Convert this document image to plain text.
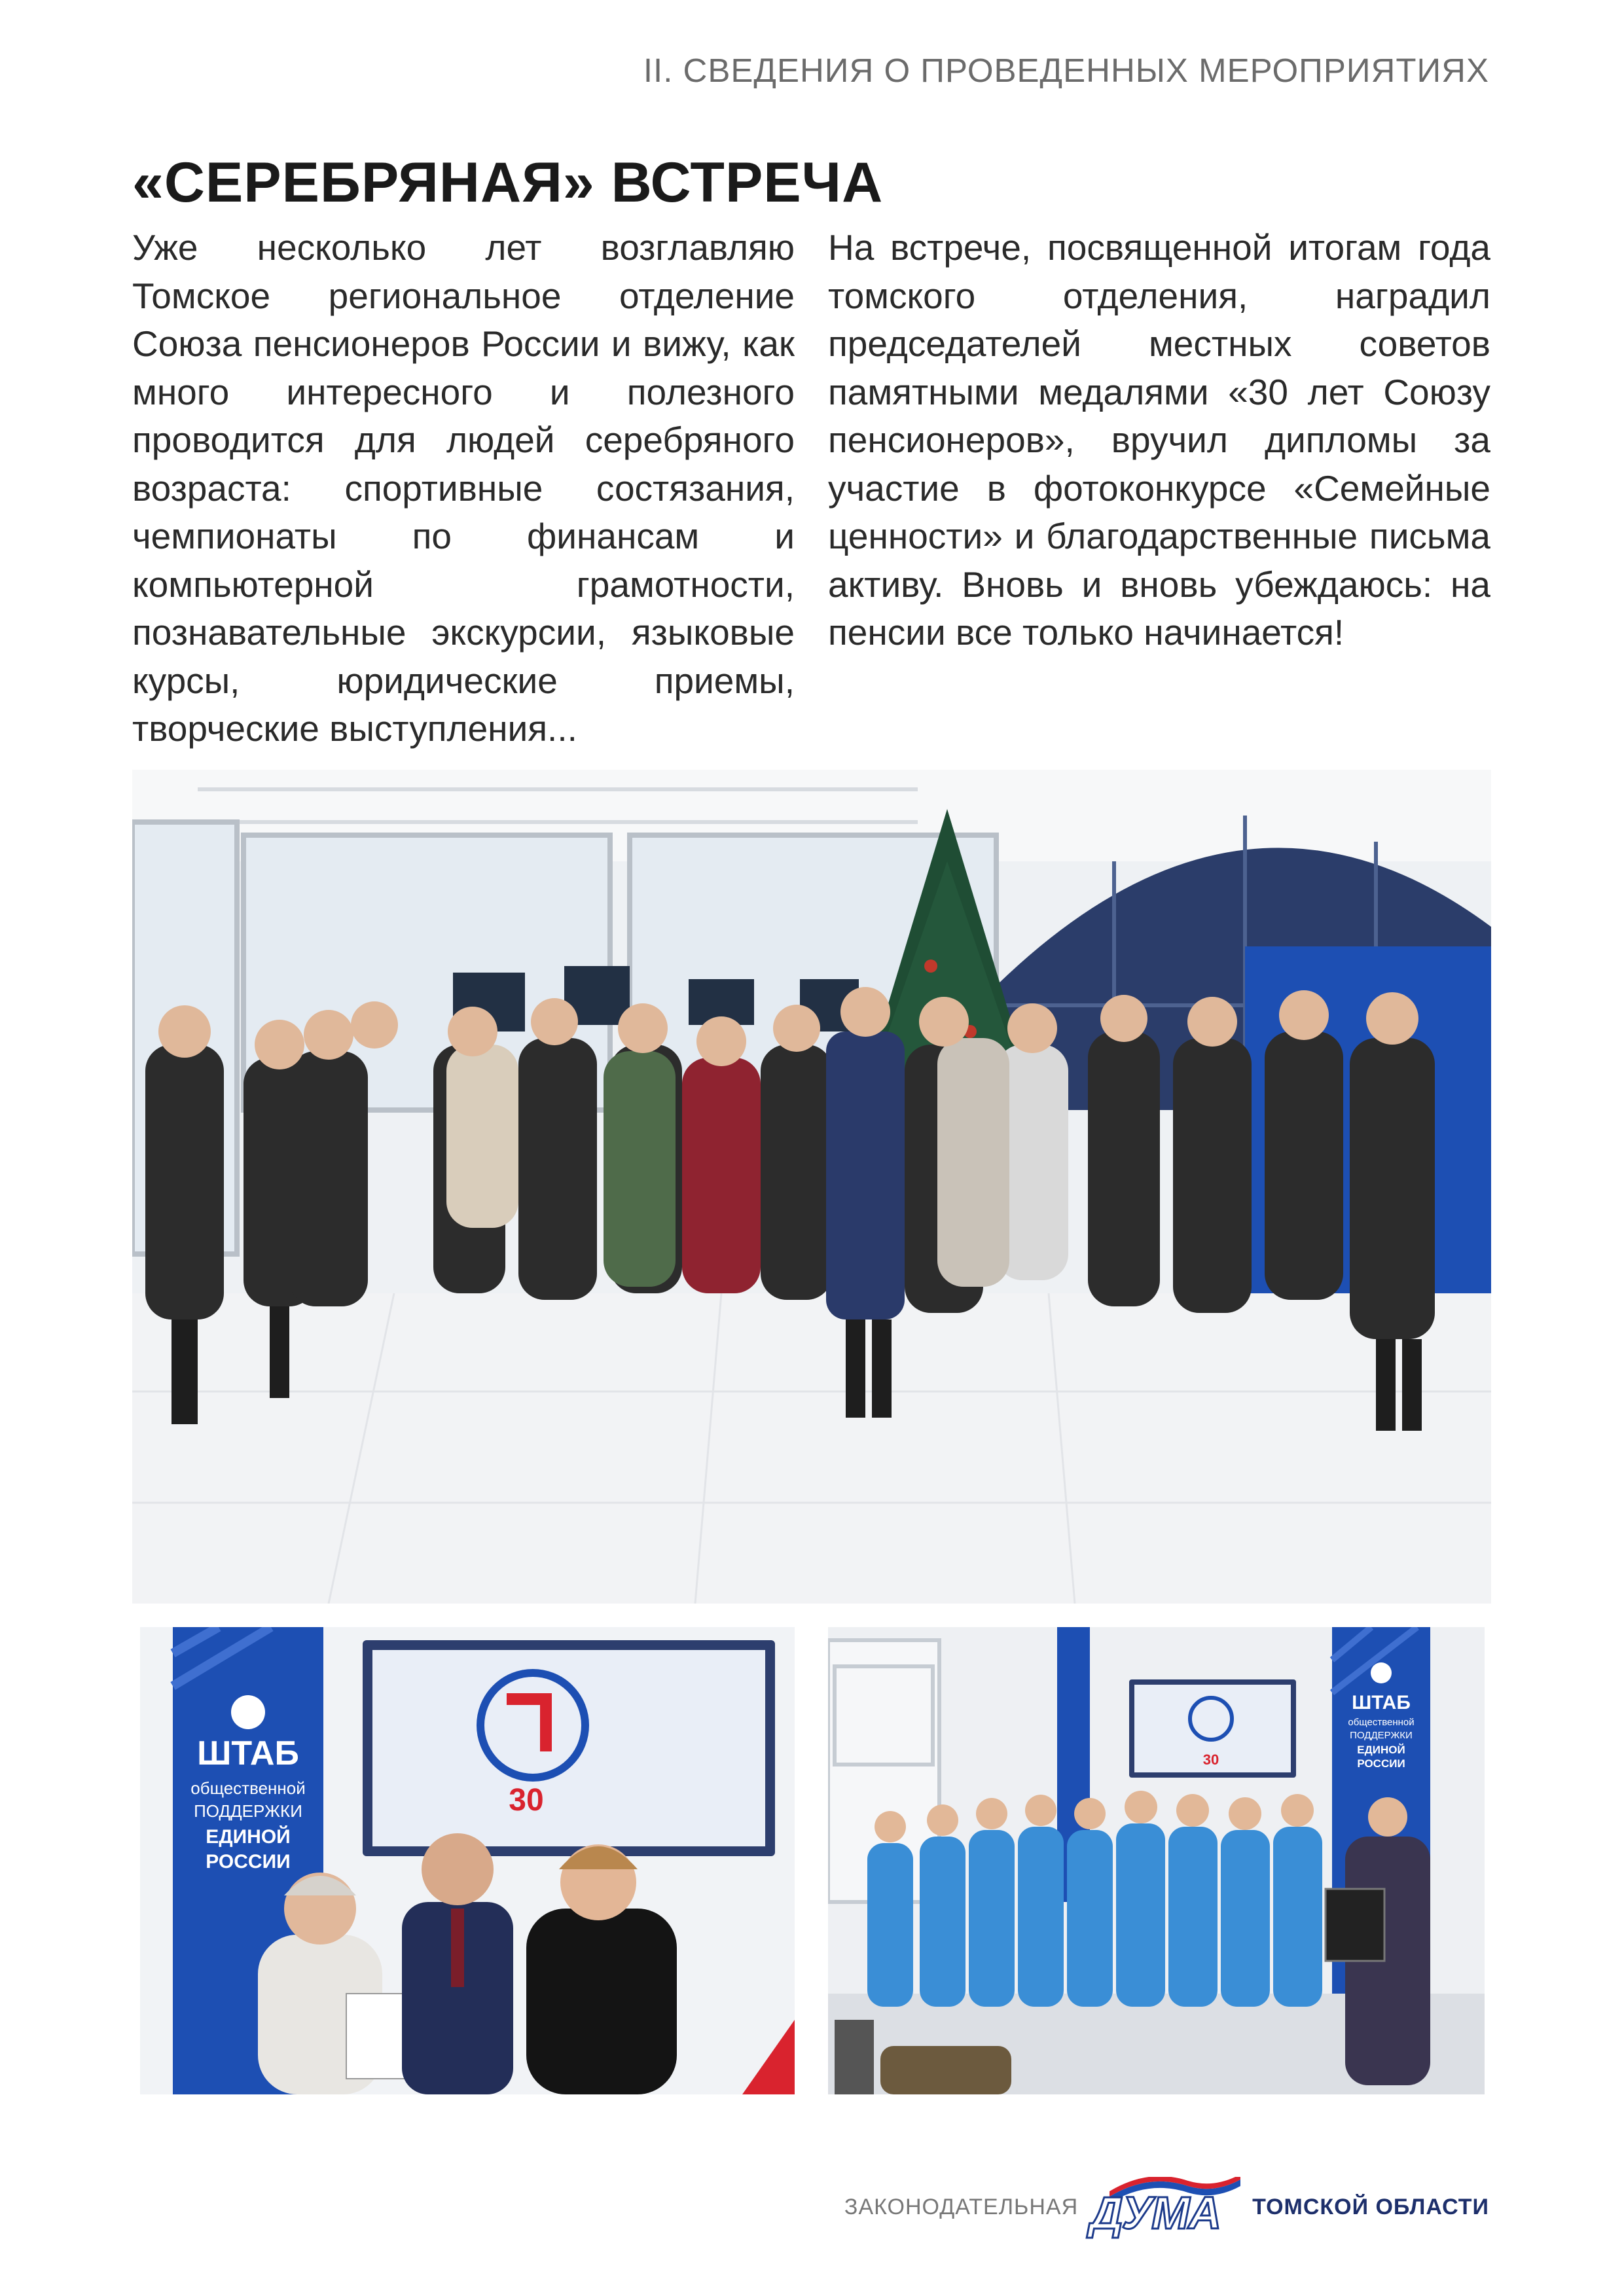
II. СВЕДЕНИЯ О ПРОВЕДЕННЫХ МЕРОПРИЯТИЯХ
«СЕРЕБРЯНАЯ» ВСТРЕЧА

Уже несколько лет возглавляю Томское региональное отделение Союза пенсионеров России и вижу, как много интересного и полезного проводится для людей серебряного возраста: спортивные состязания, чемпионаты по финансам и компьютерной грамотности, познавательные экскурсии, языковые курсы, юридические приемы, творческие выступления...

На встрече, посвященной итогам года томского отделения, наградил председателей местных советов памятными медалями «30 лет Союзу пенсионеров», вручил дипломы за участие в фотоконкурсе «Семейные ценности» и благодарственные письма активу. Вновь и вновь убеждаюсь: на пенсии все только начинается!

ШТАБ
общественной
ПОДДЕРЖКИ
ЕДИНОЙ
РОССИИ
30
ШТАБ
общественной
ПОДДЕРЖКИ
ЕДИНОЙ
РОССИИ
30
ЗАКОНОДАТЕЛЬНАЯ ДУМА ТОМСКОЙ ОБЛАСТИ
